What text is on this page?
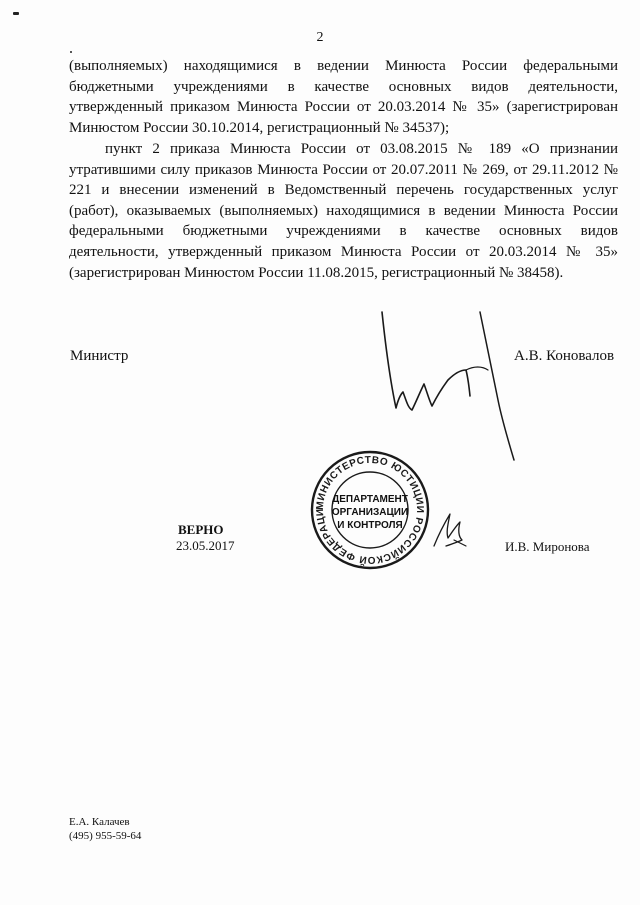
2

(выполняемых) находящимися в ведении Минюста России федеральными бюджетными учреждениями в качестве основных видов деятельности, утвержденный приказом Минюста России от 20.03.2014 № 35» (зарегистрирован Минюстом России 30.10.2014, регистрационный № 34537);

пункт 2 приказа Минюста России от 03.08.2015 № 189 «О признании утратившими силу приказов Минюста России от 20.07.2011 № 269, от 29.11.2012 № 221 и внесении изменений в Ведомственный перечень государственных услуг (работ), оказываемых (выполняемых) находящимися в ведении Минюста России федеральными бюджетными учреждениями в качестве основных видов деятельности, утвержденный приказом Минюста России от 20.03.2014 № 35» (зарегистрирован Минюстом России 11.08.2015, регистрационный № 38458).

Министр	А.В. Коновалов
МИНИСТЕРСТВО ЮСТИЦИИ РОССИЙСКОЙ ФЕДЕРАЦИИ
ДЕПАРТАМЕНТ
ОРГАНИЗАЦИИ
И КОНТРОЛЯ
ВЕРНО
23.05.2017	И.В. Миронова
Е.А. Калачев
(495) 955-59-64
